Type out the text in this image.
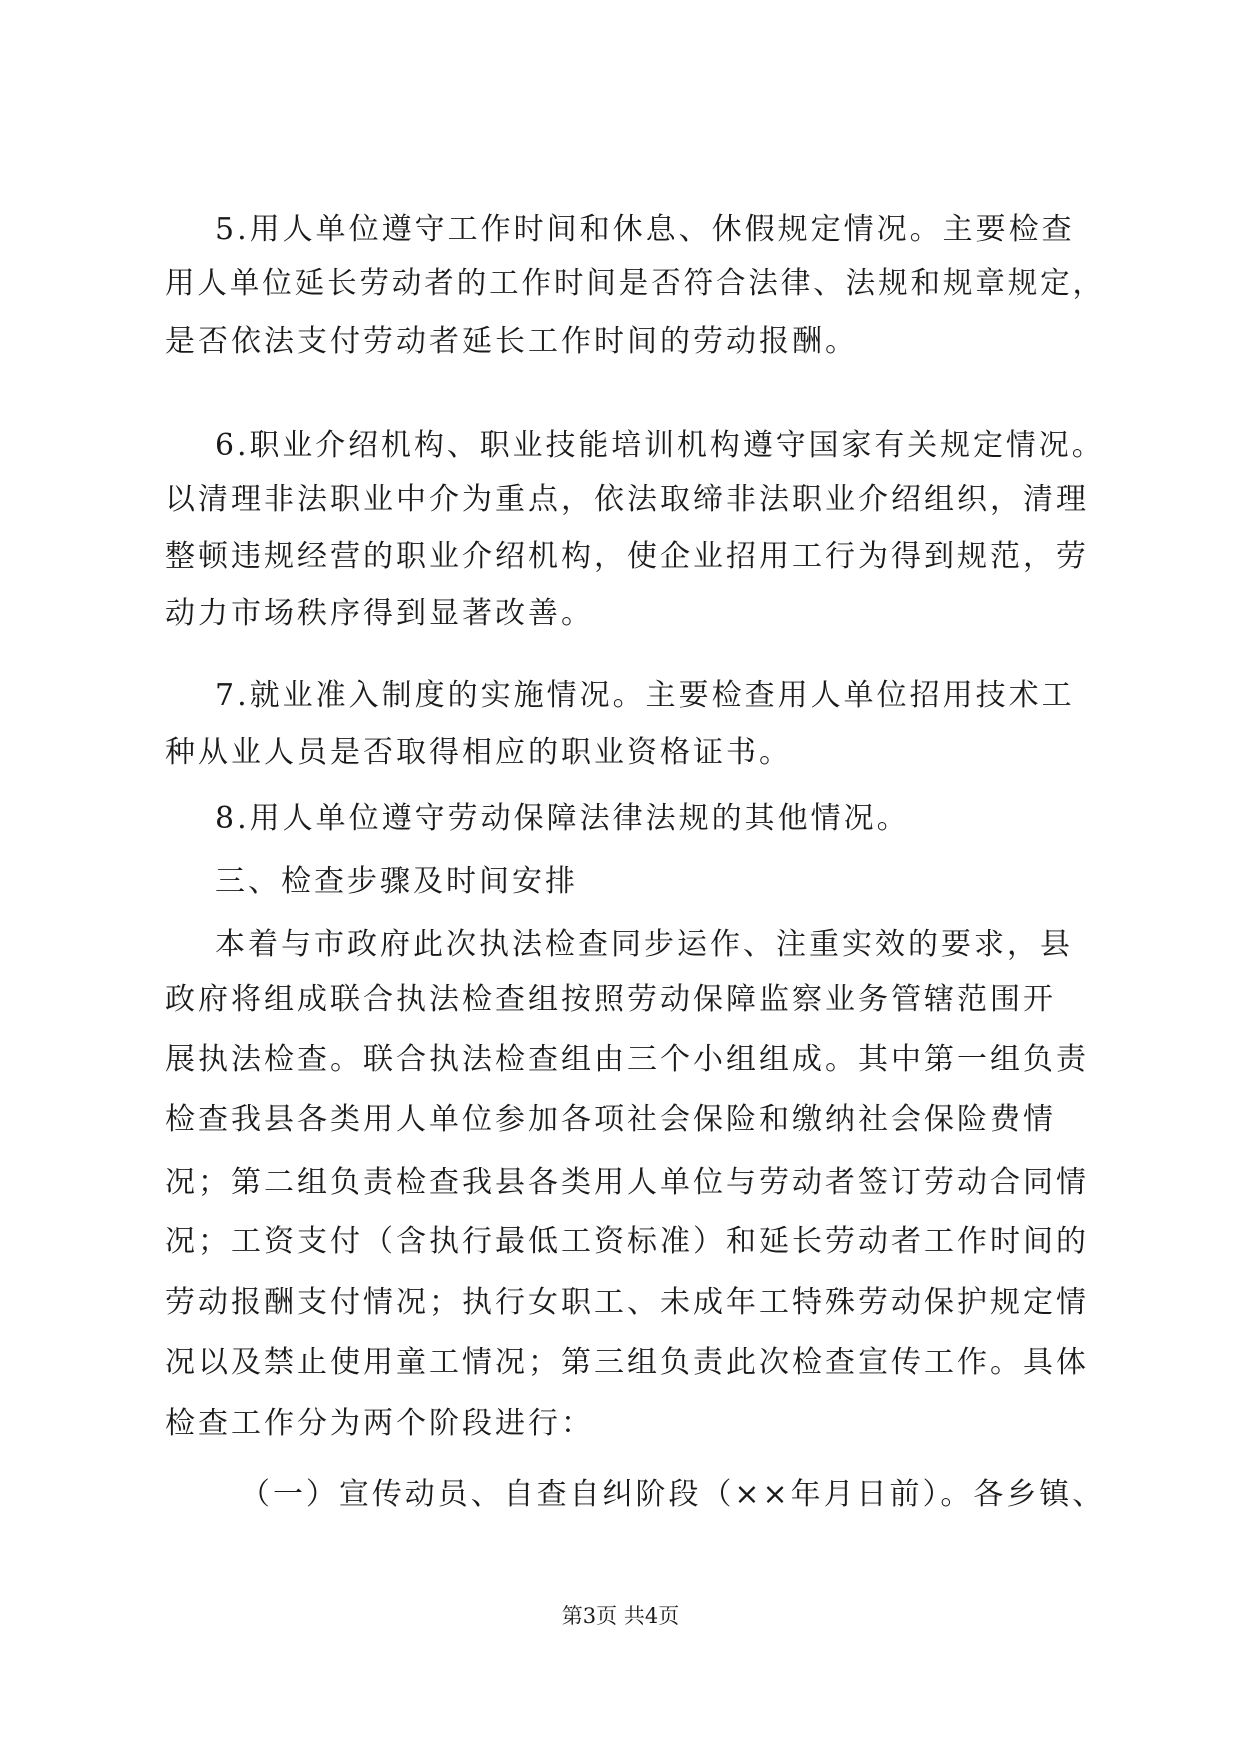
5.用人单位遵守工作时间和休息、休假规定情况。主要检查
用人单位延长劳动者的工作时间是否符合法律、法规和规章规定，
是否依法支付劳动者延长工作时间的劳动报酬。
6.职业介绍机构、职业技能培训机构遵守国家有关规定情况。
以清理非法职业中介为重点，依法取缔非法职业介绍组织，清理
整顿违规经营的职业介绍机构，使企业招用工行为得到规范，劳
动力市场秩序得到显著改善。
7.就业准入制度的实施情况。主要检查用人单位招用技术工
种从业人员是否取得相应的职业资格证书。
8.用人单位遵守劳动保障法律法规的其他情况。
三、检查步骤及时间安排
本着与市政府此次执法检查同步运作、注重实效的要求，县
政府将组成联合执法检查组按照劳动保障监察业务管辖范围开
展执法检查。联合执法检查组由三个小组组成。其中第一组负责
检查我县各类用人单位参加各项社会保险和缴纳社会保险费情
况；第二组负责检查我县各类用人单位与劳动者签订劳动合同情
况；工资支付（含执行最低工资标准）和延长劳动者工作时间的
劳动报酬支付情况；执行女职工、未成年工特殊劳动保护规定情
况以及禁止使用童工情况；第三组负责此次检查宣传工作。具体
检查工作分为两个阶段进行：
（一）宣传动员、自查自纠阶段（××年月日前）。各乡镇、
第3页 共4页
